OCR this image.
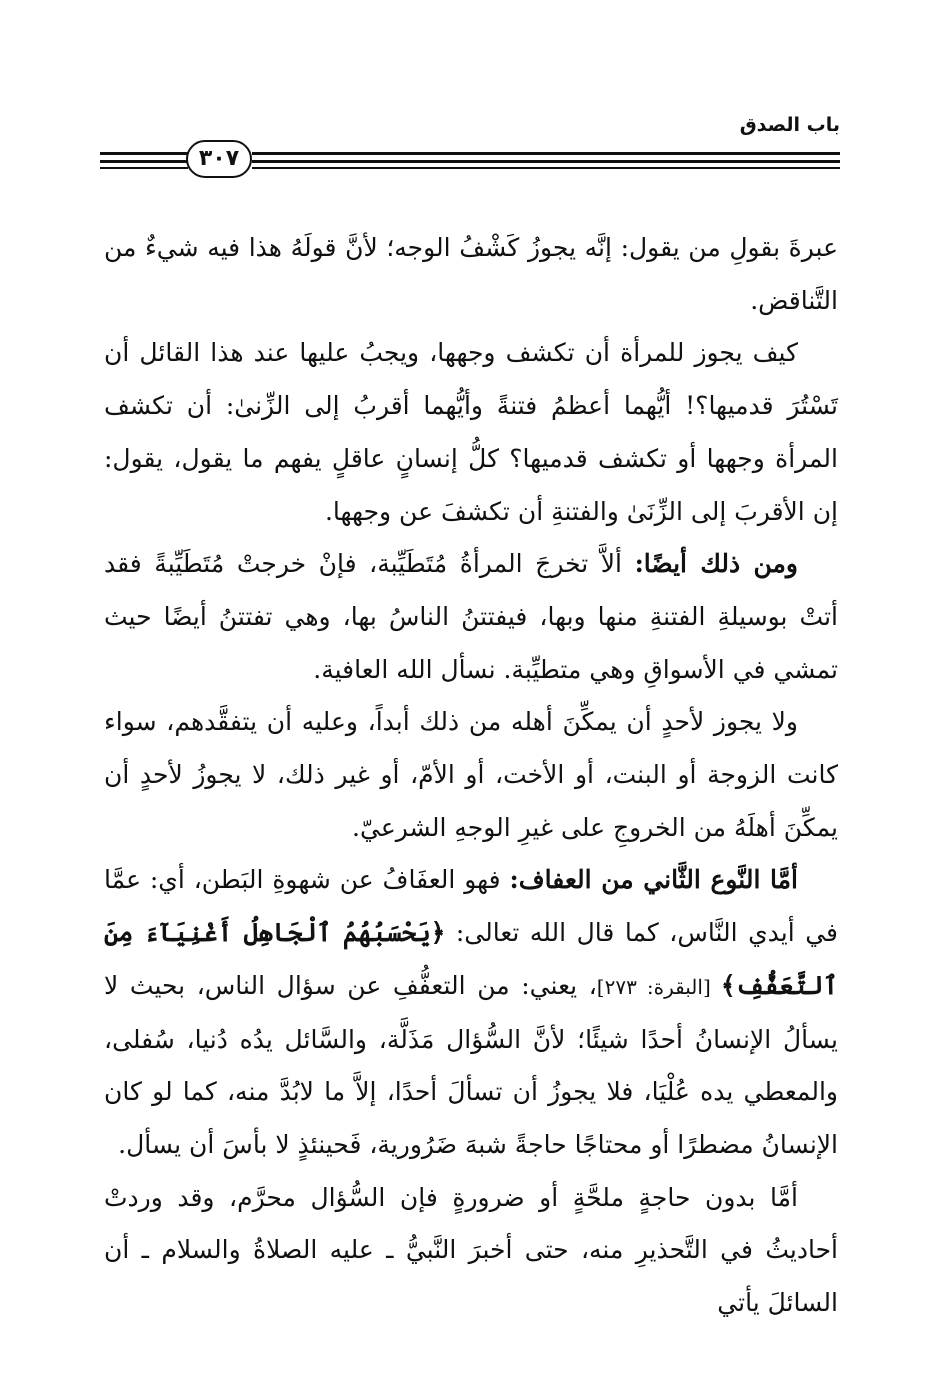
٣٠٧
باب الصدق

عبرةَ بقولِ من يقول: إنَّه يجوزُ كَشْفُ الوجه؛ لأنَّ قولَهُ هذا فيه شيءٌ من التَّناقض.

كيف يجوز للمرأة أن تكشف وجهها، ويجبُ عليها عند هذا القائل أن تَسْتُرَ قدميها؟! أيُّهما أعظمُ فتنةً وأيُّهما أقربُ إلى الزِّنىٰ: أن تكشف المرأة وجهها أو تكشف قدميها؟ كلُّ إنسانٍ عاقلٍ يفهم ما يقول، يقول: إن الأقربَ إلى الزِّنَىٰ والفتنةِ أن تكشفَ عن وجهها.

ومن ذلك أيضًا: ألاَّ تخرجَ المرأةُ مُتَطَيِّبة، فإنْ خرجتْ مُتَطَيِّبةً فقد أتتْ بوسيلةِ الفتنةِ منها وبها، فيفتتنُ الناسُ بها، وهي تفتتنُ أيضًا حيث تمشي في الأسواقِ وهي متطيِّبة. نسأل الله العافية.

ولا يجوز لأحدٍ أن يمكِّنَ أهله من ذلك أبداً، وعليه أن يتفقَّدهم، سواء كانت الزوجة أو البنت، أو الأخت، أو الأمّ، أو غير ذلك، لا يجوزُ لأحدٍ أن يمكِّنَ أهلَهُ من الخروجِ على غيرِ الوجهِ الشرعيّ.

أمَّا النَّوع الثَّاني من العفاف: فهو العفَافُ عن شهوةِ البَطن، أي: عمَّا في أيدي النَّاس، كما قال الله تعالى: ﴿يَحْسَبُهُمُ ٱلْجَاهِلُ أَغْنِيَآءَ مِنَ ٱلتَّعَفُّفِ﴾ [البقرة: ٢٧٣]، يعني: من التعفُّفِ عن سؤال الناس، بحيث لا يسألُ الإنسانُ أحدًا شيئًا؛ لأنَّ السُّؤال مَذَلَّة، والسَّائل يدُه دُنيا، سُفلى، والمعطي يده عُلْيَا، فلا يجوزُ أن تسألَ أحدًا، إلاَّ ما لابُدَّ منه، كما لو كان الإنسانُ مضطرًا أو محتاجًا حاجةً شبهَ ضَرُورية، فَحينئذٍ لا بأسَ أن يسأل.

أمَّا بدون حاجةٍ ملحَّةٍ أو ضرورةٍ فإن السُّؤال محرَّم، وقد وردتْ أحاديثُ في التَّحذيرِ منه، حتى أخبرَ النَّبيُّ ـ عليه الصلاةُ والسلام ـ أن السائلَ يأتي
